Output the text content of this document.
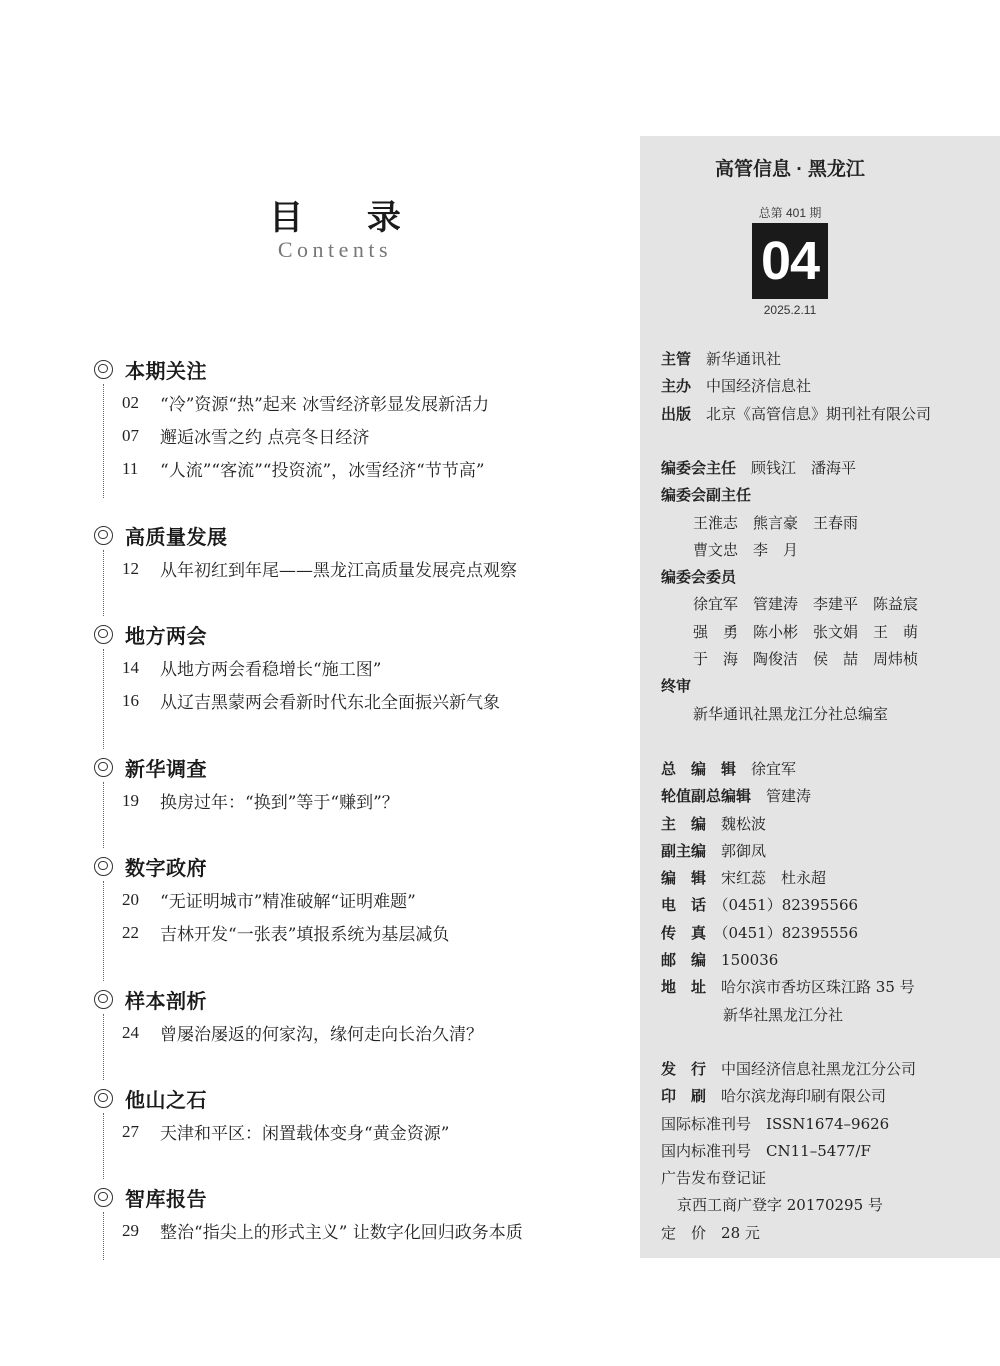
目 录
Contents
本期关注
02	“冷”资源“热”起来 冰雪经济彰显发展新活力
07	邂逅冰雪之约 点亮冬日经济
11	“人流”“客流”“投资流”，冰雪经济“节节高”
高质量发展
12	从年初红到年尾——黑龙江高质量发展亮点观察
地方两会
14	从地方两会看稳增长“施工图”
16	从辽吉黑蒙两会看新时代东北全面振兴新气象
新华调查
19	换房过年：“换到”等于“赚到”？
数字政府
20	“无证明城市”精准破解“证明难题”
22	吉林开发“一张表”填报系统为基层减负
样本剖析
24	曾屡治屡返的何家沟，缘何走向长治久清？
他山之石
27	天津和平区：闲置载体变身“黄金资源”
智库报告
29	整治“指尖上的形式主义” 让数字化回归政务本质
高管信息 · 黑龙江
总第 401 期
04
2025.2.11
主管　 新华通讯社
主办　 中国经济信息社
出版　 北京《高管信息》期刊社有限公司
编委会主任　 顾钱江　潘海平
编委会副主任
王淮志　熊言豪　王春雨
曹文忠　李　月
编委会委员
徐宜军　管建涛　李建平　陈益宸
强　勇　陈小彬　张文娟　王　萌
于　海　陶俊洁　侯　喆　周炜桢
终审
新华通讯社黑龙江分社总编室
总　编　辑　 徐宜军
轮值副总编辑　 管建涛
主　编　 魏松波
副主编　 郭御凤
编　辑　 宋红蕊　杜永超
电　话　 （0451）82395566
传　真　 （0451）82395556
邮　编　 150036
地　址　 哈尔滨市香坊区珠江路 35 号
新华社黑龙江分社
发　行　 中国经济信息社黑龙江分公司
印　刷　 哈尔滨龙海印刷有限公司
国际标准刊号　 ISSN1674–9626
国内标准刊号　 CN11–5477/F
广告发布登记证
京西工商广登字 20170295 号
定　价　 28 元
